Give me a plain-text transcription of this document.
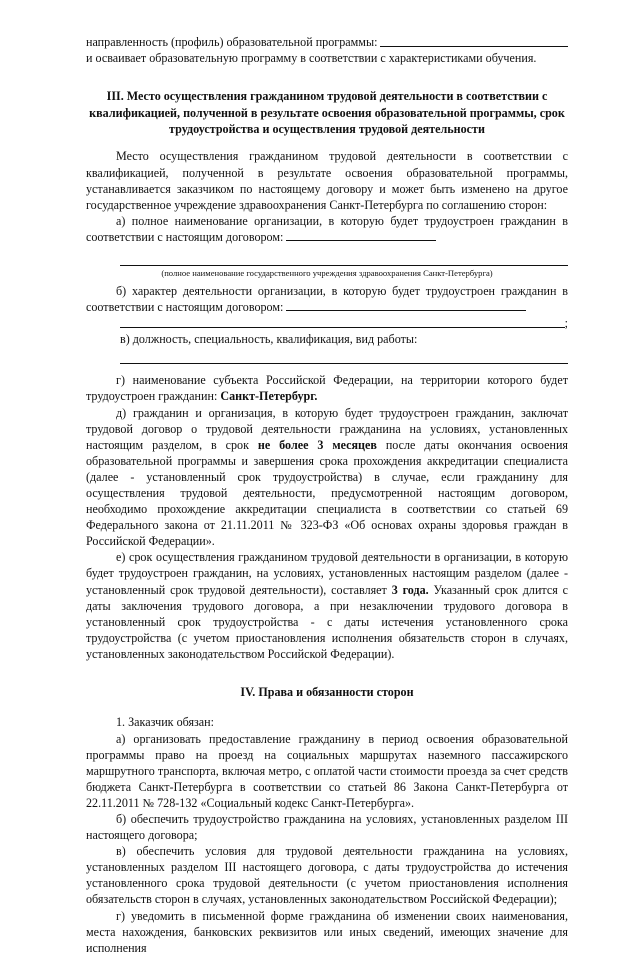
направленность (профиль) образовательной программы:

и осваивает образовательную программу в соответствии с характеристиками обучения.

III. Место осуществления гражданином трудовой деятельности в соответствии с квалификацией, полученной в результате освоения образовательной программы, срок трудоустройства и осуществления трудовой деятельности

Место осуществления гражданином трудовой деятельности в соответствии с квалификацией, полученной в результате освоения образовательной программы, устанавливается заказчиком по настоящему договору и может быть изменено на другое государственное учреждение здравоохранения Санкт-Петербурга по соглашению сторон:

а) полное наименование организации, в которую будет трудоустроен гражданин в соответствии с настоящим договором:

(полное наименование государственного учреждения здравоохранения Санкт-Петербурга)

б) характер деятельности организации, в которую будет трудоустроен гражданин в соответствии с настоящим договором:

;
в) должность, специальность, квалификация, вид работы:

г) наименование субъекта Российской Федерации, на территории которого будет трудоустроен гражданин: Санкт-Петербург.

д) гражданин и организация, в которую будет трудоустроен гражданин, заключат трудовой договор о трудовой деятельности гражданина на условиях, установленных настоящим разделом, в срок не более 3 месяцев после даты окончания освоения образовательной программы и завершения срока прохождения аккредитации специалиста (далее - установленный срок трудоустройства) в случае, если гражданину для осуществления трудовой деятельности, предусмотренной настоящим договором, необходимо прохождение аккредитации специалиста в соответствии со статьей 69 Федерального закона от 21.11.2011 № 323-ФЗ «Об основах охраны здоровья граждан в Российской Федерации».

е) срок осуществления гражданином трудовой деятельности в организации, в которую будет трудоустроен гражданин, на условиях, установленных настоящим разделом (далее - установленный срок трудовой деятельности), составляет 3 года. Указанный срок длится с даты заключения трудового договора, а при незаключении трудового договора в установленный срок трудоустройства - с даты истечения установленного срока трудоустройства (с учетом приостановления исполнения обязательств сторон в случаях, установленных законодательством Российской Федерации).

IV. Права и обязанности сторон

1. Заказчик обязан:

а) организовать предоставление гражданину в период освоения образовательной программы право на проезд на социальных маршрутах наземного пассажирского маршрутного транспорта, включая метро, с оплатой части стоимости проезда за счет средств бюджета Санкт-Петербурга в соответствии со статьей 86 Закона Санкт-Петербурга от 22.11.2011 № 728-132 «Социальный кодекс Санкт-Петербурга».

б) обеспечить трудоустройство гражданина на условиях, установленных разделом III настоящего договора;

в) обеспечить условия для трудовой деятельности гражданина на условиях, установленных разделом III настоящего договора, с даты трудоустройства до истечения установленного срока трудовой деятельности (с учетом приостановления исполнения обязательств сторон в случаях, установленных законодательством Российской Федерации);

г) уведомить в письменной форме гражданина об изменении своих наименования, места нахождения, банковских реквизитов или иных сведений, имеющих значение для исполнения
